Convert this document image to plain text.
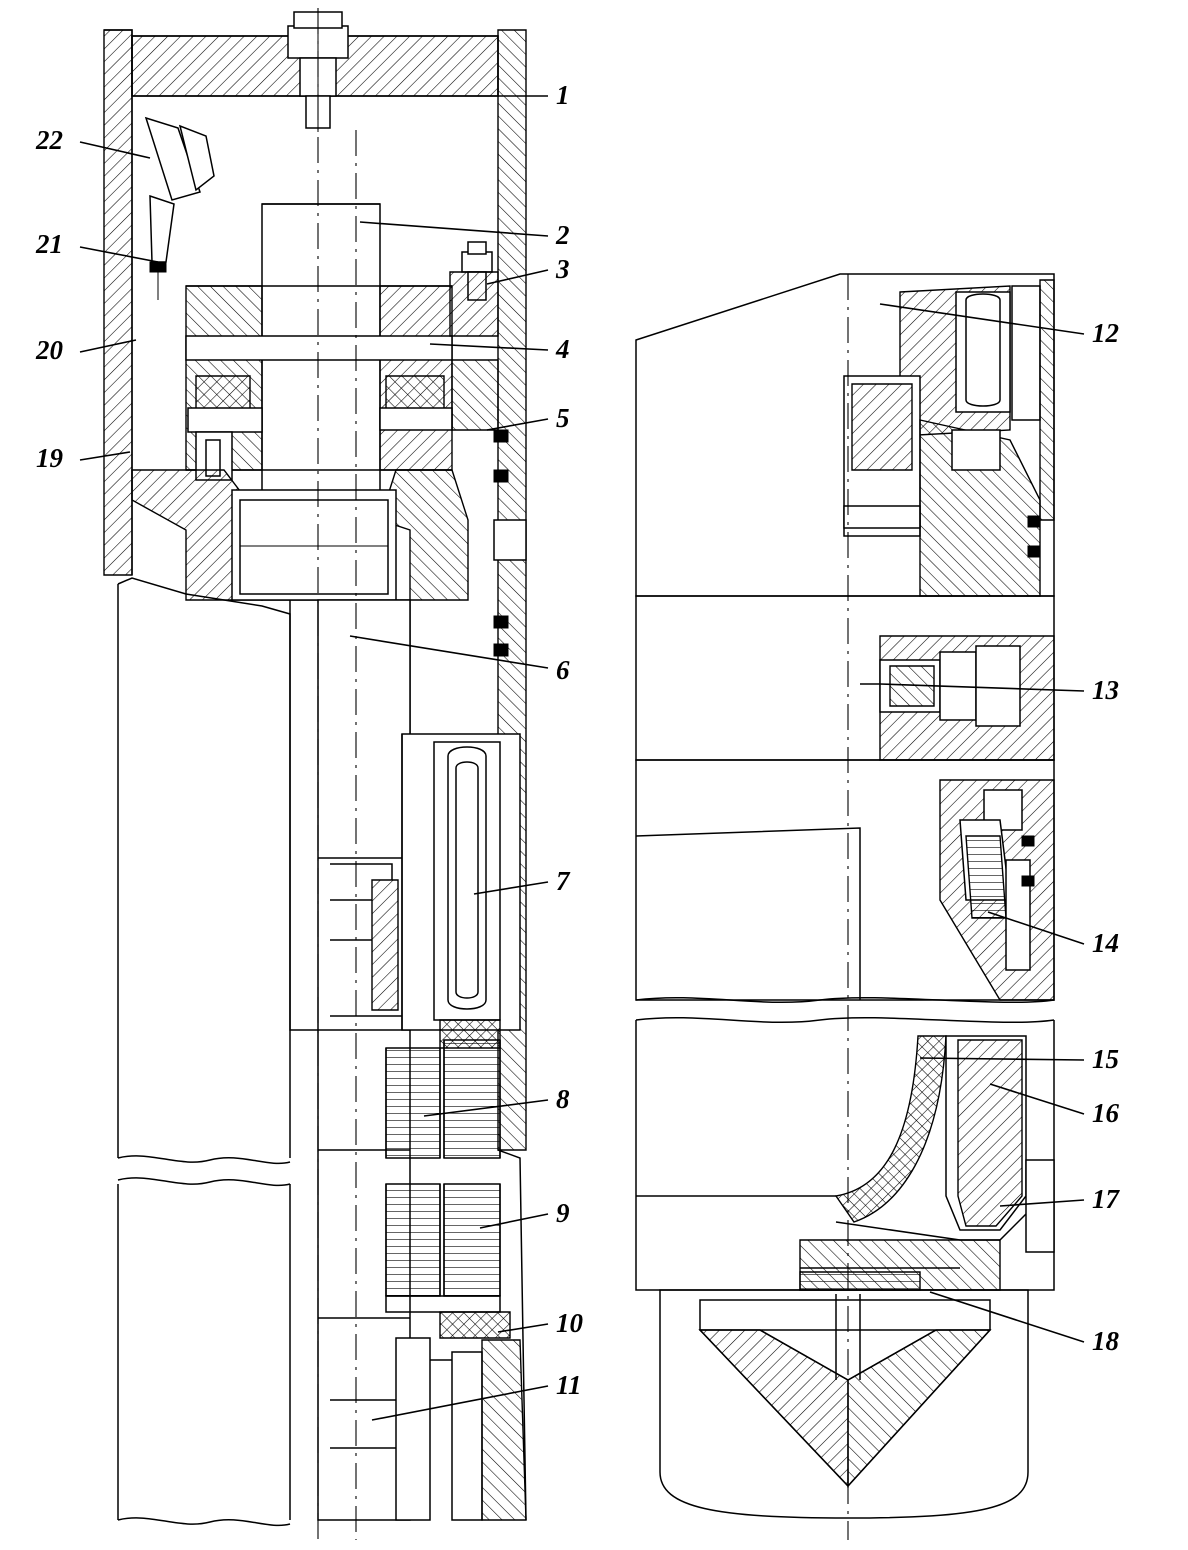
1
22
21	2
3
20	4
5
19
6
7
8
9
10
11
12
13
14
15
16
17
18
